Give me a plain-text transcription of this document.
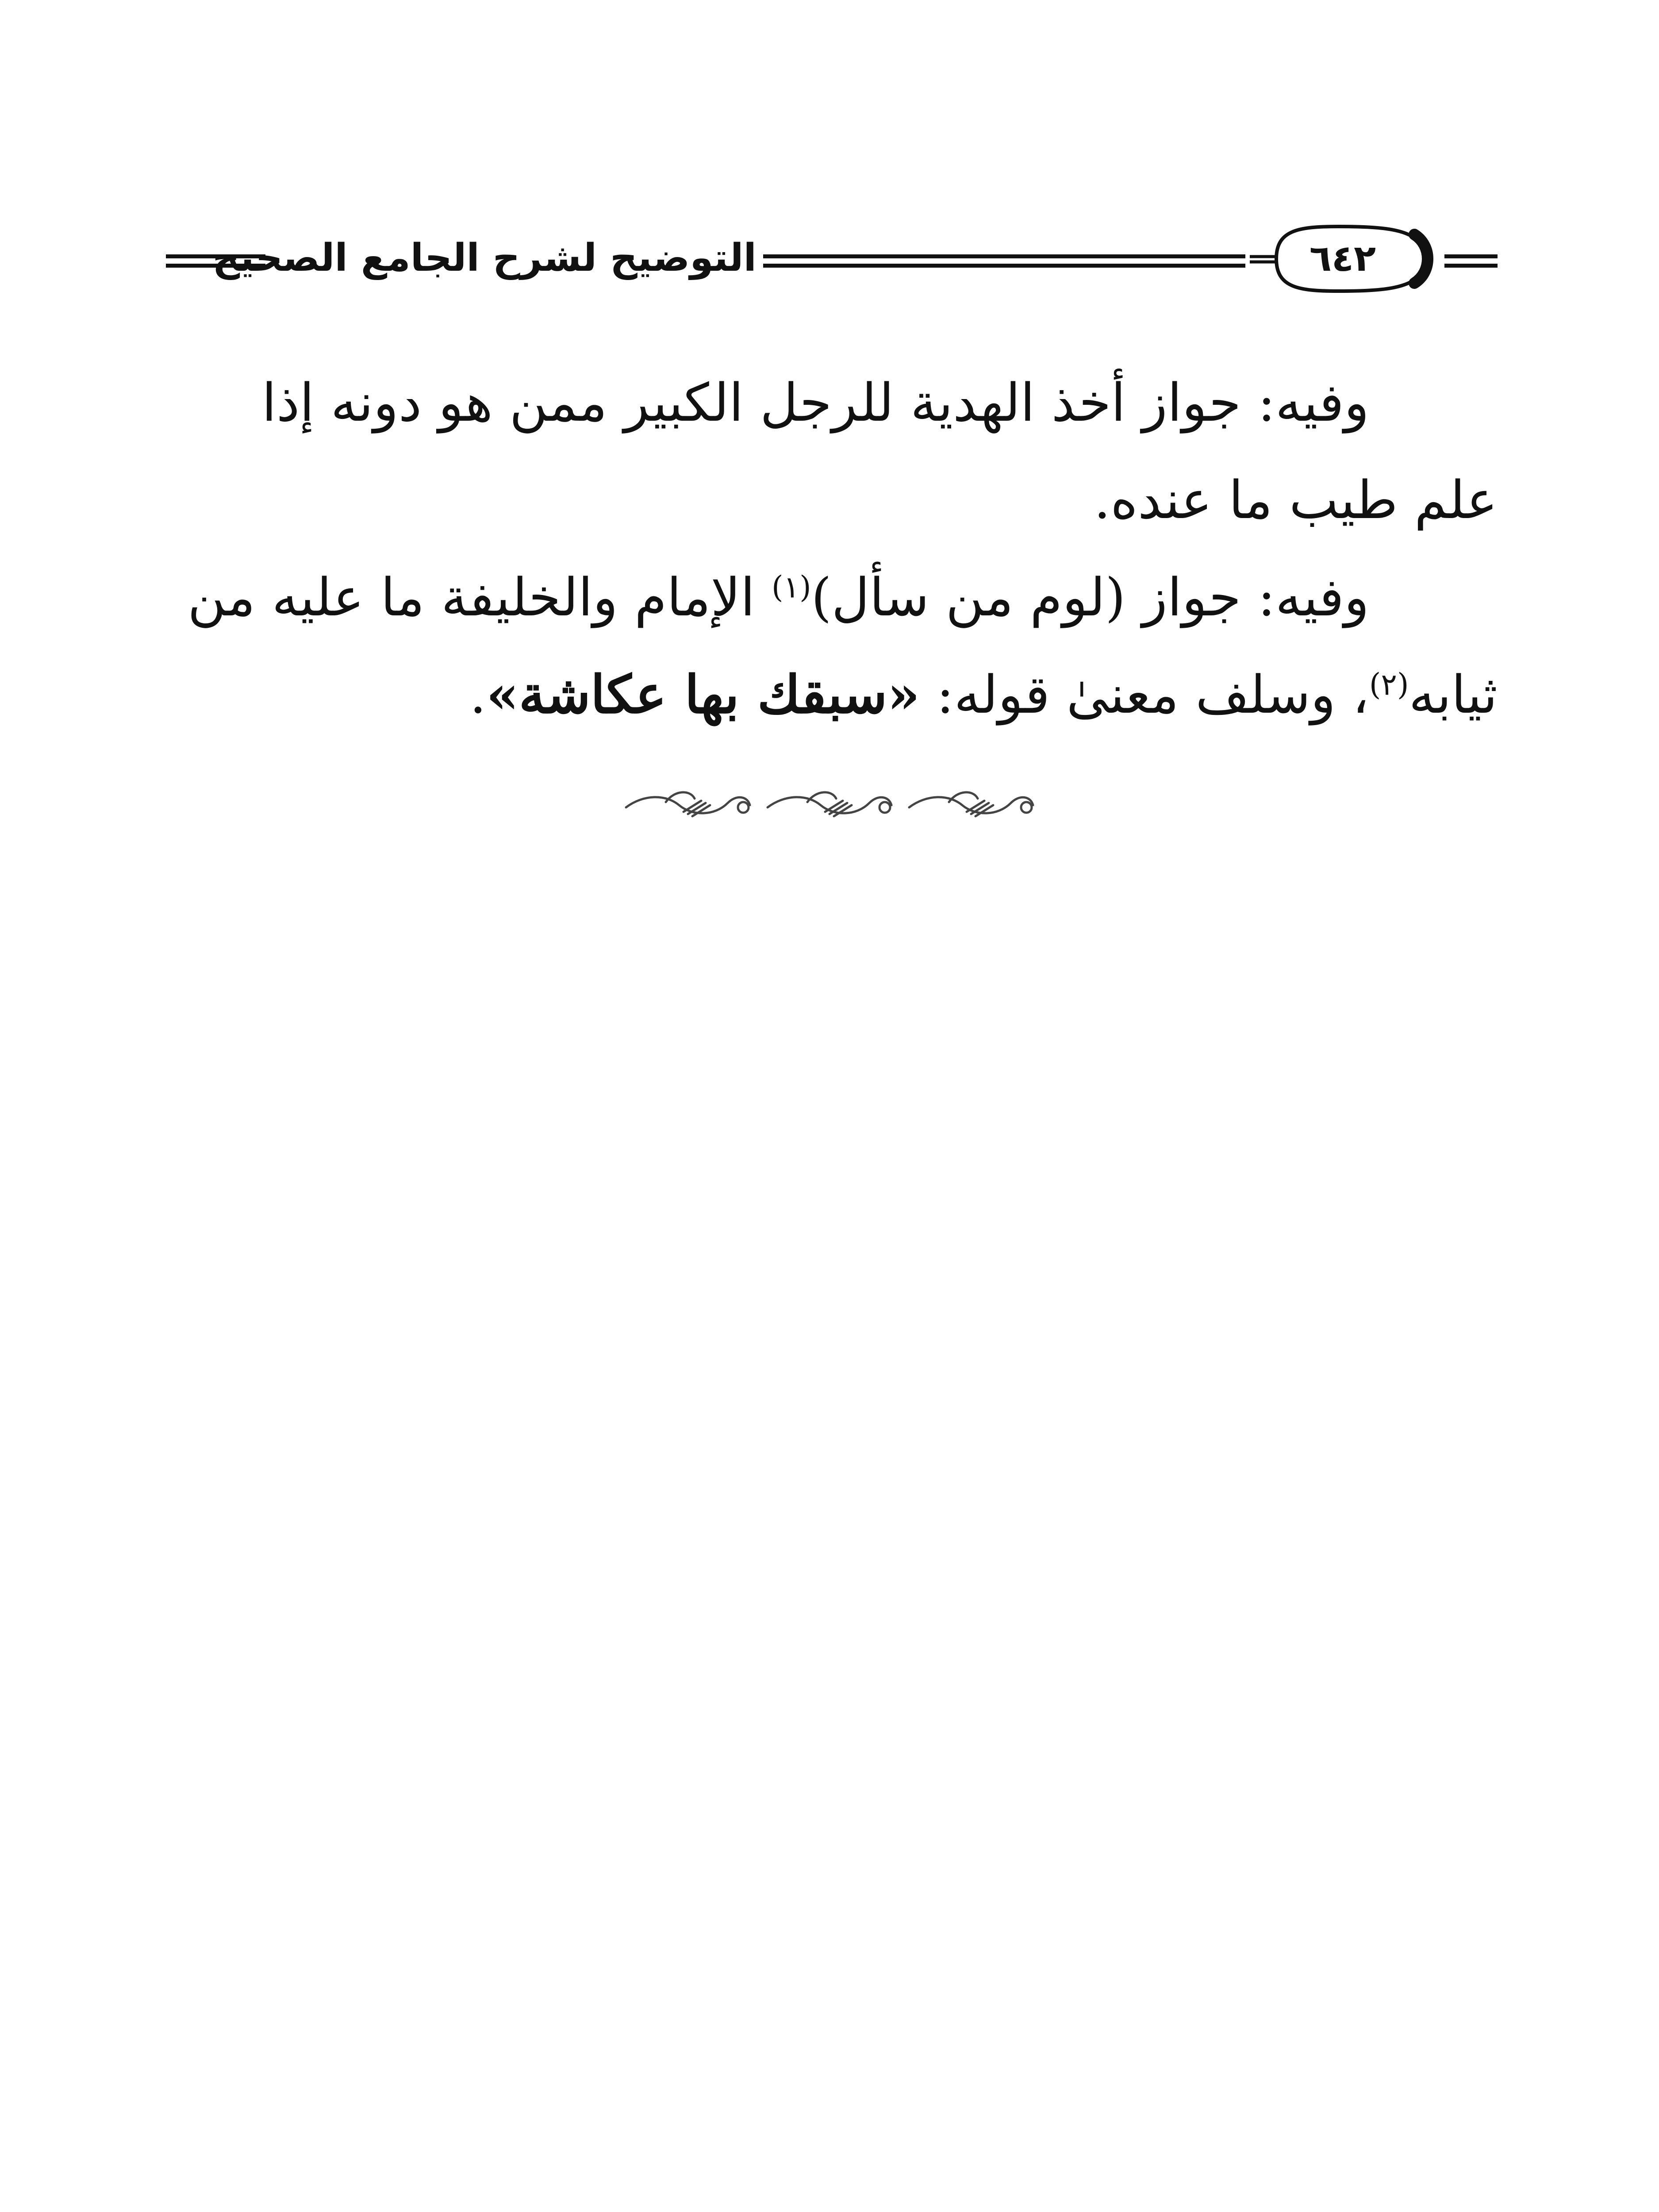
التوضيح لشرح الجامع الصحيح	٦٤٢

وفيه: جواز أخذ الهدية للرجل الكبير ممن هو دونه إذا علم طيب ما عنده.

وفيه: جواز (لوم من سأل)$^{(١)}$ الإمام والخليفة ما عليه من ثيابه$^{(٢)}$، وسلف معنىٰ قوله: «سبقك بها عكاشة».
